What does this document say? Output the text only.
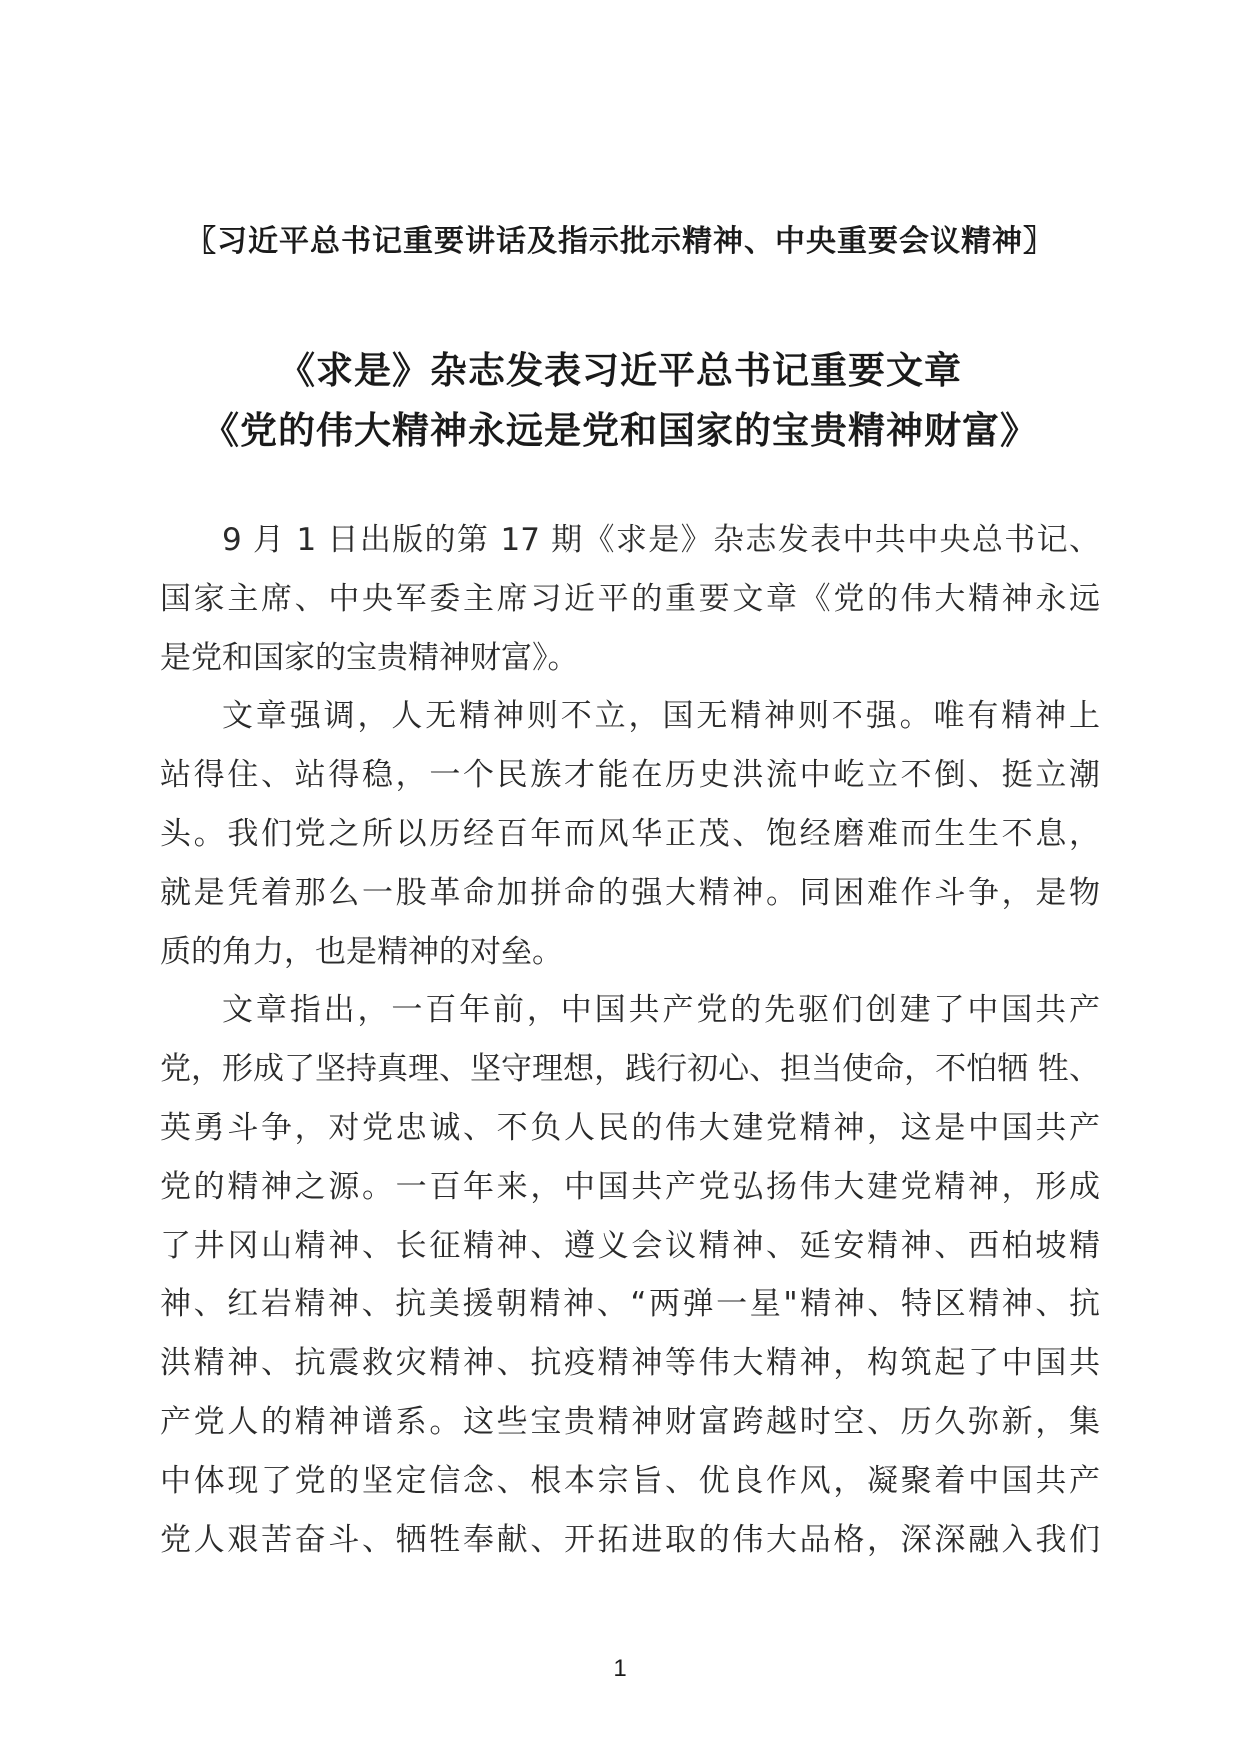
〖习近平总书记重要讲话及指示批示精神、中央重要会议精神〗
《求是》杂志发表习近平总书记重要文章
《党的伟大精神永远是党和国家的宝贵精神财富》

9 月 1 日出版的第 17 期《求是》杂志发表中共中央总书记、
国家主席、中央军委主席习近平的重要文章《党的伟大精神永远
是党和国家的宝贵精神财富》。

文章强调，人无精神则不立，国无精神则不强。唯有精神上
站得住、站得稳，一个民族才能在历史洪流中屹立不倒、挺立潮
头。我们党之所以历经百年而风华正茂、饱经磨难而生生不息，
就是凭着那么一股革命加拼命的强大精神。同困难作斗争，是物
质的角力，也是精神的对垒。

文章指出，一百年前，中国共产党的先驱们创建了中国共产
党，形成了坚持真理、坚守理想，践行初心、担当使命，不怕牺 牲、
英勇斗争，对党忠诚、不负人民的伟大建党精神，这是中国共产
党的精神之源。一百年来，中国共产党弘扬伟大建党精神，形成
了井冈山精神、长征精神、遵义会议精神、延安精神、西柏坡精
神、红岩精神、抗美援朝精神、“两弹一星"精神、特区精神、抗
洪精神、抗震救灾精神、抗疫精神等伟大精神，构筑起了中国共
产党人的精神谱系。这些宝贵精神财富跨越时空、历久弥新，集
中体现了党的坚定信念、根本宗旨、优良作风，凝聚着中国共产
党人艰苦奋斗、牺牲奉献、开拓进取的伟大品格，深深融入我们

1
